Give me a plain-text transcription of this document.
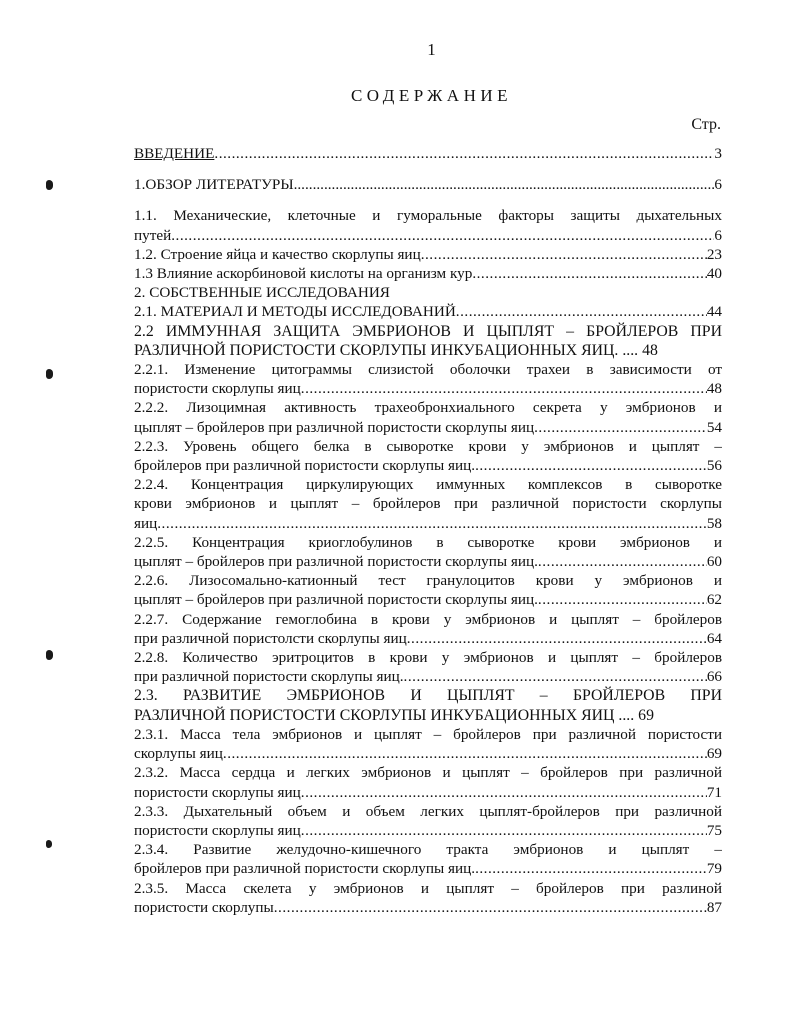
1
СОДЕРЖАНИЕ
Стр.
ВВЕДЕНИЕ .....	3
1.ОБЗОР ЛИТЕРАТУРЫ .....	6
1.1. Механические, клеточные и гуморальные факторы защиты дыхательных
путей .....	6
1.2. Строение яйца и качество скорлупы яиц .....	23
1.3 Влияние аскорбиновой кислоты на организм кур .....	40
2. СОБСТВЕННЫЕ ИССЛЕДОВАНИЯ
2.1. МАТЕРИАЛ И МЕТОДЫ ИССЛЕДОВАНИЙ .....	44
2.2 ИММУННАЯ ЗАЩИТА ЭМБРИОНОВ И ЦЫПЛЯТ – БРОЙЛЕРОВ ПРИ
РАЗЛИЧНОЙ ПОРИСТОСТИ СКОРЛУПЫ ИНКУБАЦИОННЫХ ЯИЦ. .... 48
2.2.1. Изменение цитограммы слизистой оболочки трахеи в зависимости от
пористости скорлупы яиц .....	48
2.2.2. Лизоцимная активность трахеобронхиального секрета у эмбрионов и
цыплят – бройлеров при различной пористости скорлупы яиц .....	54
2.2.3. Уровень общего белка в сыворотке крови у эмбрионов и цыплят –
бройлеров при различной пористости скорлупы яиц. .....	56
2.2.4. Концентрация циркулирующих иммунных комплексов в сыворотке
крови эмбрионов и цыплят – бройлеров при различной пористости скорлупы
яиц .....	58
2.2.5. Концентрация криоглобулинов в сыворотке крови эмбрионов и
цыплят – бройлеров при различной пористости скорлупы яиц. .....	60
2.2.6. Лизосомально-катионный тест гранулоцитов крови у эмбрионов и
цыплят – бройлеров при различной пористости скорлупы яиц. .....	62
2.2.7. Содержание гемоглобина в крови у эмбрионов и цыплят – бройлеров
при различной пористолсти скорлупы яиц .....	64
2.2.8. Количество эритроцитов в крови у эмбрионов и цыплят – бройлеров
при различной пористости скорлупы яиц. .....	66
2.3. РАЗВИТИЕ ЭМБРИОНОВ И ЦЫПЛЯТ – БРОЙЛЕРОВ ПРИ
РАЗЛИЧНОЙ ПОРИСТОСТИ СКОРЛУПЫ ИНКУБАЦИОННЫХ ЯИЦ .... 69
2.3.1. Масса тела эмбрионов и цыплят – бройлеров при различной пористости
скорлупы яиц .....	69
2.3.2. Масса сердца и легких эмбрионов и цыплят – бройлеров при различной
пористости скорлупы яиц .....	71
2.3.3. Дыхательный объем и объем легких цыплят-бройлеров при различной
пористости скорлупы яиц .....	75
2.3.4. Развитие желудочно-кишечного тракта эмбрионов и цыплят –
бройлеров при различной пористости скорлупы яиц. .....	79
2.3.5. Масса скелета у эмбрионов и цыплят – бройлеров при разлиной
пористости скорлупы .....	87
